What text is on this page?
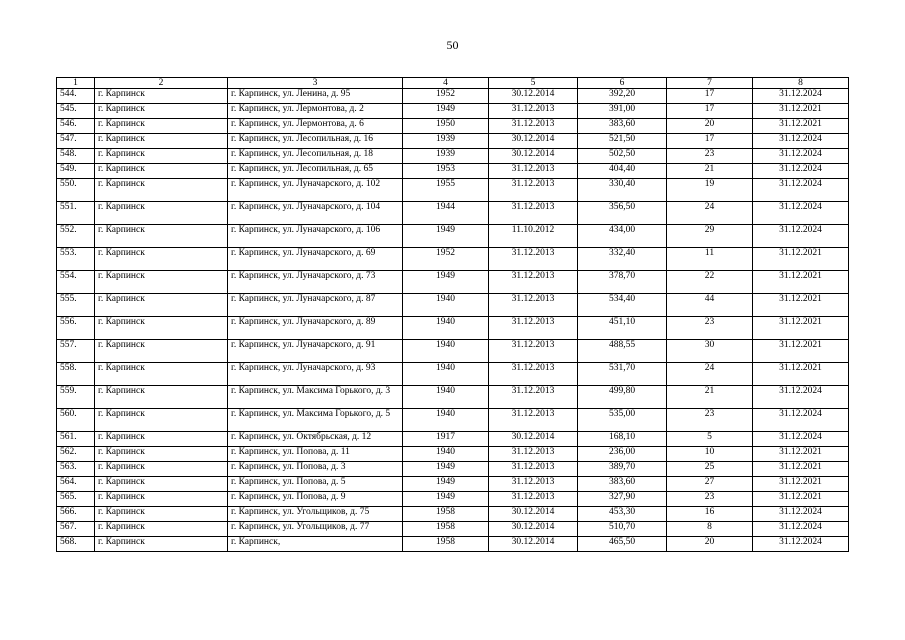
50
1	2	3	4	5	6	7	8
544.	г. Карпинск	г. Карпинск, ул. Ленина, д. 95	1952	30.12.2014	392,20	17	31.12.2024
545.	г. Карпинск	г. Карпинск, ул. Лермонтова, д. 2	1949	31.12.2013	391,00	17	31.12.2021
546.	г. Карпинск	г. Карпинск, ул. Лермонтова, д. 6	1950	31.12.2013	383,60	20	31.12.2021
547.	г. Карпинск	г. Карпинск, ул. Лесопильная, д. 16	1939	30.12.2014	521,50	17	31.12.2024
548.	г. Карпинск	г. Карпинск, ул. Лесопильная, д. 18	1939	30.12.2014	502,50	23	31.12.2024
549.	г. Карпинск	г. Карпинск, ул. Лесопильная, д. 65	1953	31.12.2013	404,40	21	31.12.2024
550.	г. Карпинск	г. Карпинск, ул. Луначарского, д. 102	1955	31.12.2013	330,40	19	31.12.2024
551.	г. Карпинск	г. Карпинск, ул. Луначарского, д. 104	1944	31.12.2013	356,50	24	31.12.2024
552.	г. Карпинск	г. Карпинск, ул. Луначарского, д. 106	1949	11.10.2012	434,00	29	31.12.2024
553.	г. Карпинск	г. Карпинск, ул. Луначарского, д. 69	1952	31.12.2013	332,40	11	31.12.2021
554.	г. Карпинск	г. Карпинск, ул. Луначарского, д. 73	1949	31.12.2013	378,70	22	31.12.2021
555.	г. Карпинск	г. Карпинск, ул. Луначарского, д. 87	1940	31.12.2013	534,40	44	31.12.2021
556.	г. Карпинск	г. Карпинск, ул. Луначарского, д. 89	1940	31.12.2013	451,10	23	31.12.2021
557.	г. Карпинск	г. Карпинск, ул. Луначарского, д. 91	1940	31.12.2013	488,55	30	31.12.2021
558.	г. Карпинск	г. Карпинск, ул. Луначарского, д. 93	1940	31.12.2013	531,70	24	31.12.2021
559.	г. Карпинск	г. Карпинск, ул. Максима Горького, д. 3	1940	31.12.2013	499,80	21	31.12.2024
560.	г. Карпинск	г. Карпинск, ул. Максима Горького, д. 5	1940	31.12.2013	535,00	23	31.12.2024
561.	г. Карпинск	г. Карпинск, ул. Октябрьская, д. 12	1917	30.12.2014	168,10	5	31.12.2024
562.	г. Карпинск	г. Карпинск, ул. Попова, д. 11	1940	31.12.2013	236,00	10	31.12.2021
563.	г. Карпинск	г. Карпинск, ул. Попова, д. 3	1949	31.12.2013	389,70	25	31.12.2021
564.	г. Карпинск	г. Карпинск, ул. Попова, д. 5	1949	31.12.2013	383,60	27	31.12.2021
565.	г. Карпинск	г. Карпинск, ул. Попова, д. 9	1949	31.12.2013	327,90	23	31.12.2021
566.	г. Карпинск	г. Карпинск, ул. Угольщиков, д. 75	1958	30.12.2014	453,30	16	31.12.2024
567.	г. Карпинск	г. Карпинск, ул. Угольщиков, д. 77	1958	30.12.2014	510,70	8	31.12.2024
568.	г. Карпинск	г. Карпинск,	1958	30.12.2014	465,50	20	31.12.2024
